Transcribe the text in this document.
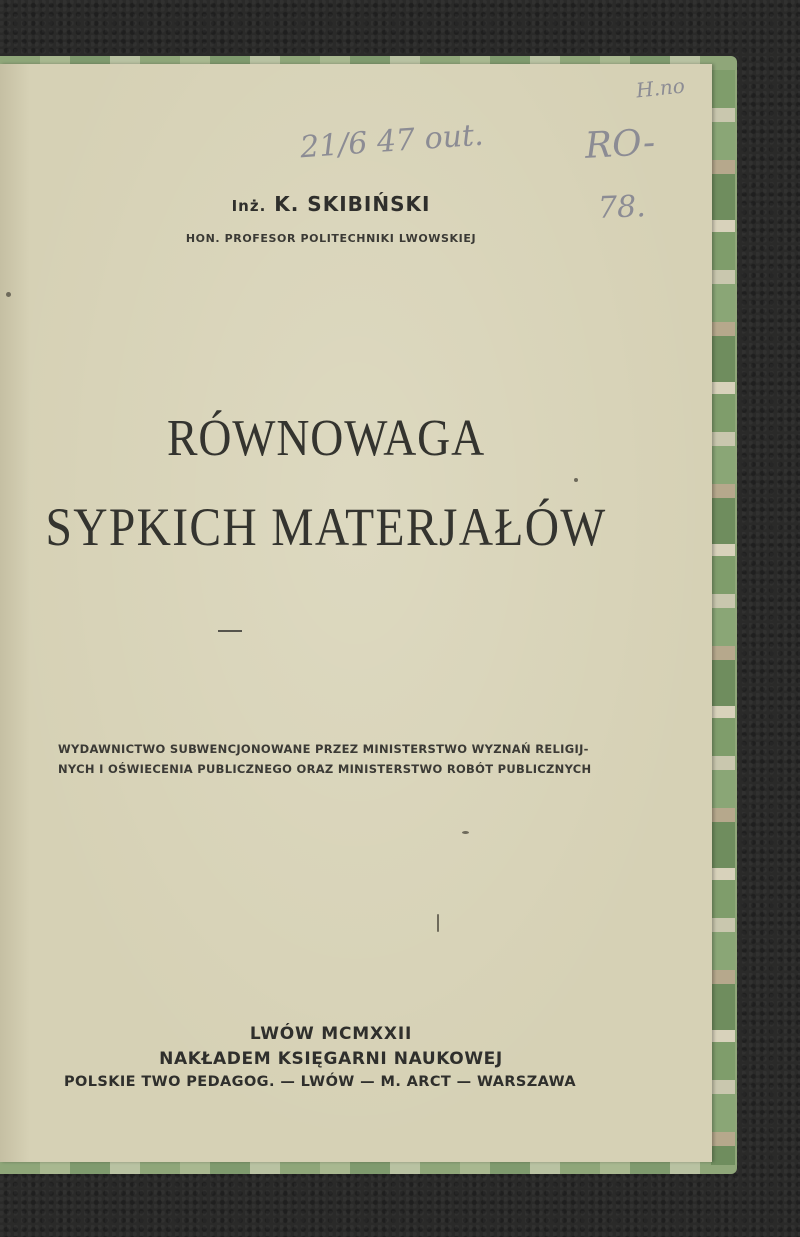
21/6 47 out.
H.no
RO-
78.
Inż. K. SKIBIŃSKI
HON. PROFESOR POLITECHNIKI LWOWSKIEJ
RÓWNOWAGA
SYPKICH MATERJAŁÓW
WYDAWNICTWO SUBWENCJONOWANE PRZEZ MINISTERSTWO WYZNAŃ RELIGIJ-
NYCH I OŚWIECENIA PUBLICZNEGO ORAZ MINISTERSTWO ROBÓT PUBLICZNYCH
LWÓW MCMXXII
NAKŁADEM KSIĘGARNI NAUKOWEJ
POLSKIE TWO PEDAGOG. — LWÓW — M. ARCT — WARSZAWA
